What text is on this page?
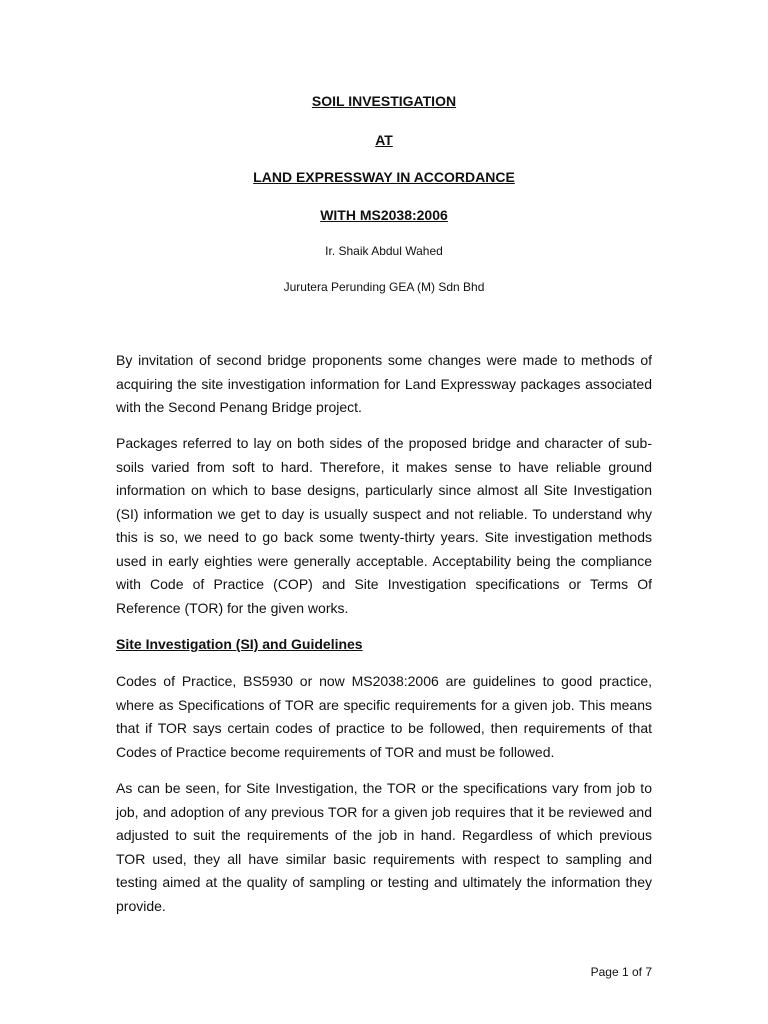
SOIL INVESTIGATION

AT

LAND EXPRESSWAY IN ACCORDANCE

WITH MS2038:2006

Ir. Shaik Abdul Wahed
Jurutera Perunding GEA (M) Sdn Bhd

By invitation of second bridge proponents some changes were made to methods of acquiring the site investigation information for Land Expressway packages associated with the Second Penang Bridge project.

Packages referred to lay on both sides of the proposed bridge and character of sub-soils varied from soft to hard. Therefore, it makes sense to have reliable ground information on which to base designs, particularly since almost all Site Investigation (SI) information we get to day is usually suspect and not reliable. To understand why this is so, we need to go back some twenty-thirty years. Site investigation methods used in early eighties were generally acceptable. Acceptability being the compliance with Code of Practice (COP) and Site Investigation specifications or Terms Of Reference (TOR) for the given works.

Site Investigation (SI) and Guidelines

Codes of Practice, BS5930 or now MS2038:2006 are guidelines to good practice, where as Specifications of TOR are specific requirements for a given job. This means that if TOR says certain codes of practice to be followed, then requirements of that Codes of Practice become requirements of TOR and must be followed.

As can be seen, for Site Investigation, the TOR or the specifications vary from job to job, and adoption of any previous TOR for a given job requires that it be reviewed and adjusted to suit the requirements of the job in hand. Regardless of which previous TOR used, they all have similar basic requirements with respect to sampling and testing aimed at the quality of sampling or testing and ultimately the information they provide.

Page 1 of 7
